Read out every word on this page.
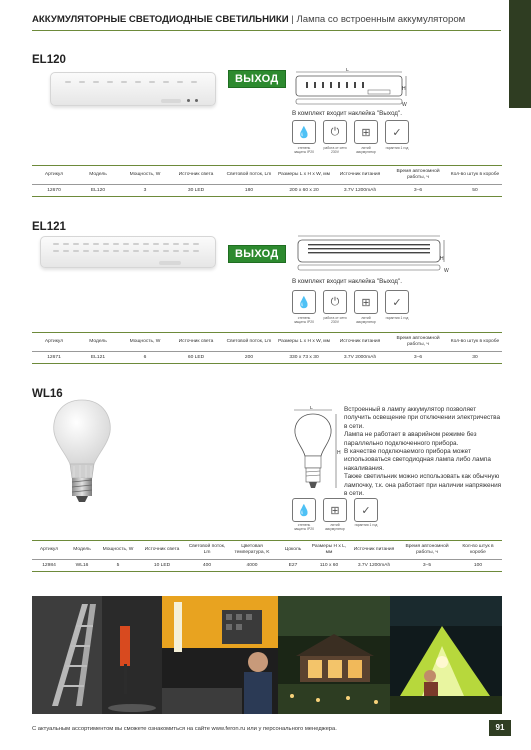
АККУМУЛЯТОРНЫЕ СВЕТОДИОДНЫЕ СВЕТИЛЬНИКИ | Лампа со встроенным аккумулятором
EL120
ВЫХОД
L
H
W
В комплект входит наклейка "Выход".
💧	⏻	⊞	✓
степень защиты IP20
работа от сети 230V
литий аккумулятор
гарантия 1 год
Артикул	Модель	Мощность, W	Источник света	Световой поток, Lm	Размеры L x H x W, мм	Источник питания	Время автономной работы, ч	Кол-во штук в коробе
12670	EL120	3	30 LED	180	200 х 60 х 20	3.7V 1200mAh	3–6	50
EL121
ВЫХОД	H
W
В комплект входит наклейка "Выход".
💧	⏻	⊞	✓
степень защиты IP20
работа от сети 230V
литий аккумулятор
гарантия 1 год
Артикул	Модель	Мощность, W	Источник света	Световой поток, Lm	Размеры L x H x W, мм	Источник питания	Время автономной работы, ч	Кол-во штук в коробе
12671	EL121	6	60 LED	200	330 х 73 х 30	3.7V 2000mAh	3–6	30
WL16
L
H

Встроенный в лампу аккумулятор позволяет получить освещение при отключении электричества в сети.

Лампа не работает в аварийном режиме без параллельно подключенного прибора.

В качестве подключаемого прибора может использоваться светодиодная лампа либо лампа накаливания.

Также светильник можно использовать как обычную лампочку, т.к. она работает при наличии напряжения в сети.

💧	⊞	✓
степень защиты IP20
литий аккумулятор
гарантия 1 год
Артикул	Модель	Мощность, W	Источник света	Световой поток, Lm	Цветовая температура, K	Цоколь	Размеры H x L, мм	Источник питания	Время автономной работы, ч	Кол-во штук в коробе
12984	WL16	5	10 LED	400	4000	E27	110 х 60	3.7V 1200mAh	3–5	100
С актуальным ассортиментом вы сможете ознакомиться на сайте www.feron.ru или у персонального менеджера.	91
